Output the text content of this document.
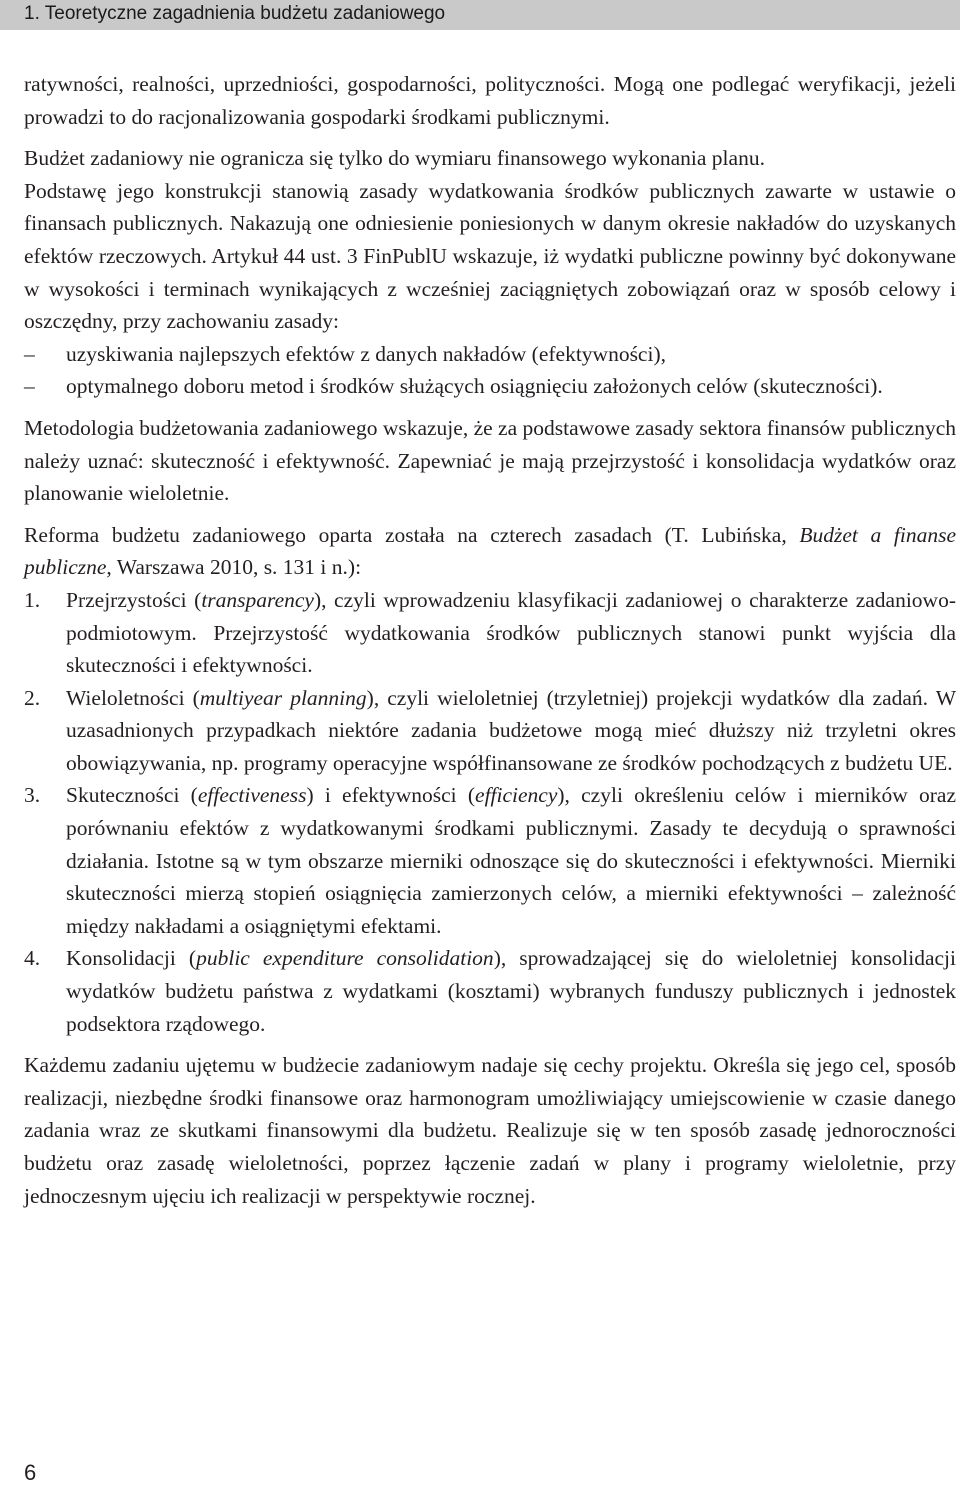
1. Teoretyczne zagadnienia budżetu zadaniowego

ratywności, realności, uprzedniości, gospodarności, polityczności. Mogą one podlegać weryfikacji, jeżeli prowadzi to do racjonalizowania gospodarki środkami publicznymi.

Budżet zadaniowy nie ogranicza się tylko do wymiaru finansowego wykonania planu.
Podstawę jego konstrukcji stanowią zasady wydatkowania środków publicznych zawarte w ustawie o finansach publicznych. Nakazują one odniesienie poniesionych w danym okresie nakładów do uzyskanych efektów rzeczowych. Artykuł 44 ust. 3 FinPublU wskazuje, iż wydatki publiczne powinny być dokonywane w wysokości i terminach wynikających z wcześniej zaciągniętych zobowiązań oraz w sposób celowy i oszczędny, przy zachowaniu zasady:

– uzyskiwania najlepszych efektów z danych nakładów (efektywności),
– optymalnego doboru metod i środków służących osiągnięciu założonych celów (skuteczności).

Metodologia budżetowania zadaniowego wskazuje, że za podstawowe zasady sektora finansów publicznych należy uznać: skuteczność i efektywność. Zapewniać je mają przejrzystość i konsolidacja wydatków oraz planowanie wieloletnie.

Reforma budżetu zadaniowego oparta została na czterech zasadach (T. Lubińska, Budżet a finanse publiczne, Warszawa 2010, s. 131 i n.):

1. Przejrzystości (transparency), czyli wprowadzeniu klasyfikacji zadaniowej o charakterze zadaniowo-podmiotowym. Przejrzystość wydatkowania środków publicznych stanowi punkt wyjścia dla skuteczności i efektywności.
2. Wieloletności (multiyear planning), czyli wieloletniej (trzyletniej) projekcji wydatków dla zadań. W uzasadnionych przypadkach niektóre zadania budżetowe mogą mieć dłuższy niż trzyletni okres obowiązywania, np. programy operacyjne współfinansowane ze środków pochodzących z budżetu UE.
3. Skuteczności (effectiveness) i efektywności (efficiency), czyli określeniu celów i mierników oraz porównaniu efektów z wydatkowanymi środkami publicznymi. Zasady te decydują o sprawności działania. Istotne są w tym obszarze mierniki odnoszące się do skuteczności i efektywności. Mierniki skuteczności mierzą stopień osiągnięcia zamierzonych celów, a mierniki efektywności – zależność między nakładami a osiągniętymi efektami.
4. Konsolidacji (public expenditure consolidation), sprowadzającej się do wieloletniej konsolidacji wydatków budżetu państwa z wydatkami (kosztami) wybranych funduszy publicznych i jednostek podsektora rządowego.

Każdemu zadaniu ujętemu w budżecie zadaniowym nadaje się cechy projektu. Określa się jego cel, sposób realizacji, niezbędne środki finansowe oraz harmonogram umożliwiający umiejscowienie w czasie danego zadania wraz ze skutkami finansowymi dla budżetu. Realizuje się w ten sposób zasadę jednoroczności budżetu oraz zasadę wieloletności, poprzez łączenie zadań w plany i programy wieloletnie, przy jednoczesnym ujęciu ich realizacji w perspektywie rocznej.

6
